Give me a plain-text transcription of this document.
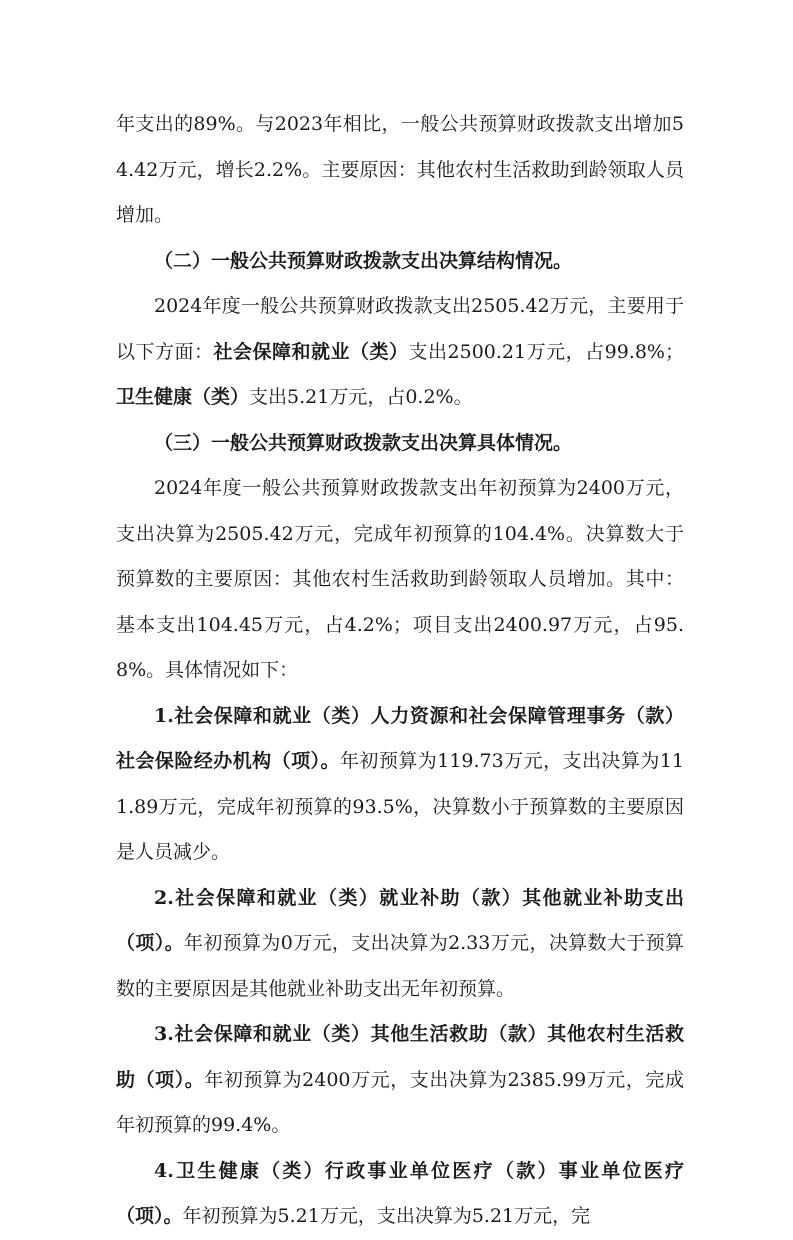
年支出的89%。与2023年相比，一般公共预算财政拨款支出增加54.42万元，增长2.2%。主要原因：其他农村生活救助到龄领取人员增加。

（二）一般公共预算财政拨款支出决算结构情况。

2024年度一般公共预算财政拨款支出2505.42万元，主要用于以下方面：社会保障和就业（类）支出2500.21万元，占99.8%；卫生健康（类）支出5.21万元，占0.2%。

（三）一般公共预算财政拨款支出决算具体情况。

2024年度一般公共预算财政拨款支出年初预算为2400万元，支出决算为2505.42万元，完成年初预算的104.4%。决算数大于预算数的主要原因：其他农村生活救助到龄领取人员增加。其中：基本支出104.45万元，占4.2%；项目支出2400.97万元，占95.8%。具体情况如下：

1.社会保障和就业（类）人力资源和社会保障管理事务（款）社会保险经办机构（项）。年初预算为119.73万元，支出决算为111.89万元，完成年初预算的93.5%，决算数小于预算数的主要原因是人员减少。

2.社会保障和就业（类）就业补助（款）其他就业补助支出（项）。年初预算为0万元，支出决算为2.33万元，决算数大于预算数的主要原因是其他就业补助支出无年初预算。

3.社会保障和就业（类）其他生活救助（款）其他农村生活救助（项）。年初预算为2400万元，支出决算为2385.99万元，完成年初预算的99.4%。

4.卫生健康（类）行政事业单位医疗（款）事业单位医疗（项）。年初预算为5.21万元，支出决算为5.21万元，完
